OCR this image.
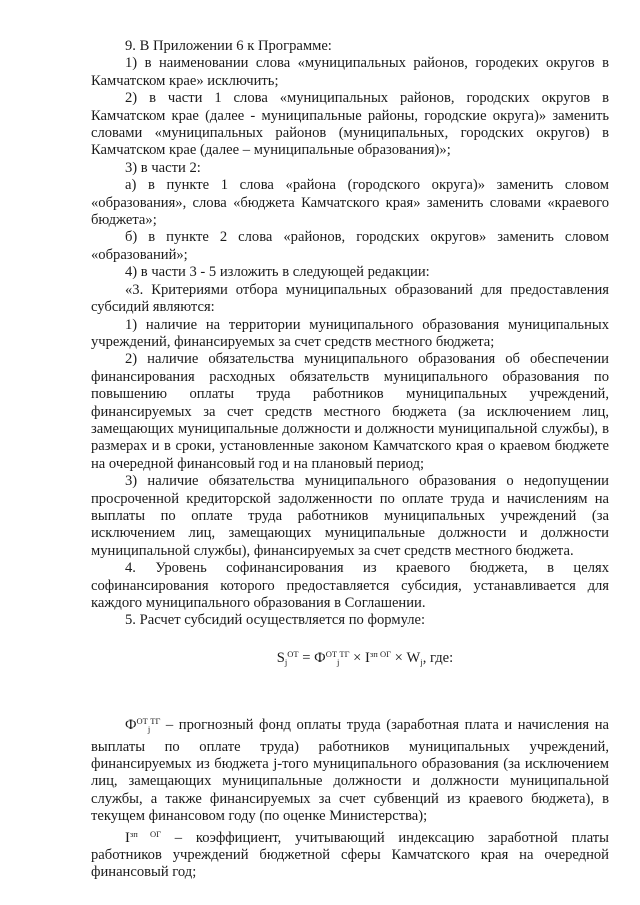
9. В Приложении 6 к Программе:

1) в наименовании слова «муниципальных районов, городеких округов в Камчатском крае» исключить;

2) в части 1 слова «муниципальных районов, городских округов в Камчатском крае (далее - муниципальные районы, городские округа)» заменить словами «муниципальных районов (муниципальных, городских округов) в Камчатском крае (далее – муниципальные образования)»;

3) в части 2:

а) в пункте 1 слова «района (городского округа)» заменить словом «образования», слова «бюджета Камчатского края» заменить словами «краевого бюджета»;

б) в пункте 2 слова «районов, городских округов» заменить словом «образований»;

4) в части 3 - 5 изложить в следующей редакции:

«3. Критериями отбора муниципальных образований для предоставления субсидий являются:

1) наличие на территории муниципального образования муниципальных учреждений, финансируемых за счет средств местного бюджета;

2) наличие обязательства муниципального образования об обеспечении финансирования расходных обязательств муниципального образования по повышению оплаты труда работников муниципальных учреждений, финансируемых за счет средств местного бюджета (за исключением лиц, замещающих муниципальные должности и должности муниципальной службы), в размерах и в сроки, установленные законом Камчатского края о краевом бюджете на очередной финансовый год и на плановый период;

3) наличие обязательства муниципального образования о недопущении просроченной кредиторской задолженности по оплате труда и начислениям на выплаты по оплате труда работников муниципальных учреждений (за исключением лиц, замещающих муниципальные должности и должности муниципальной службы), финансируемых за счет средств местного бюджета.

4. Уровень софинансирования из краевого бюджета, в целях софинансирования которого предоставляется субсидия, устанавливается для каждого муниципального образования в Соглашении.

5. Расчет субсидий осуществляется по формуле:

$S_j^{ОТ} = Ф^{ОТ}_j^{ТГ} \times I^{зп ОГ} \times W_j$, где:

$Ф^{ОТ}_j^{ТГ}$ – прогнозный фонд оплаты труда (заработная плата и начисления на выплаты по оплате труда) работников муниципальных учреждений, финансируемых из бюджета j-того муниципального образования (за исключением лиц, замещающих муниципальные должности и должности муниципальной службы, а также финансируемых за счет субвенций из краевого бюджета), в текущем финансовом году (по оценке Министерства);

$I^{зп ОГ}$ – коэффициент, учитывающий индексацию заработной платы работников учреждений бюджетной сферы Камчатского края на очередной финансовый год;
